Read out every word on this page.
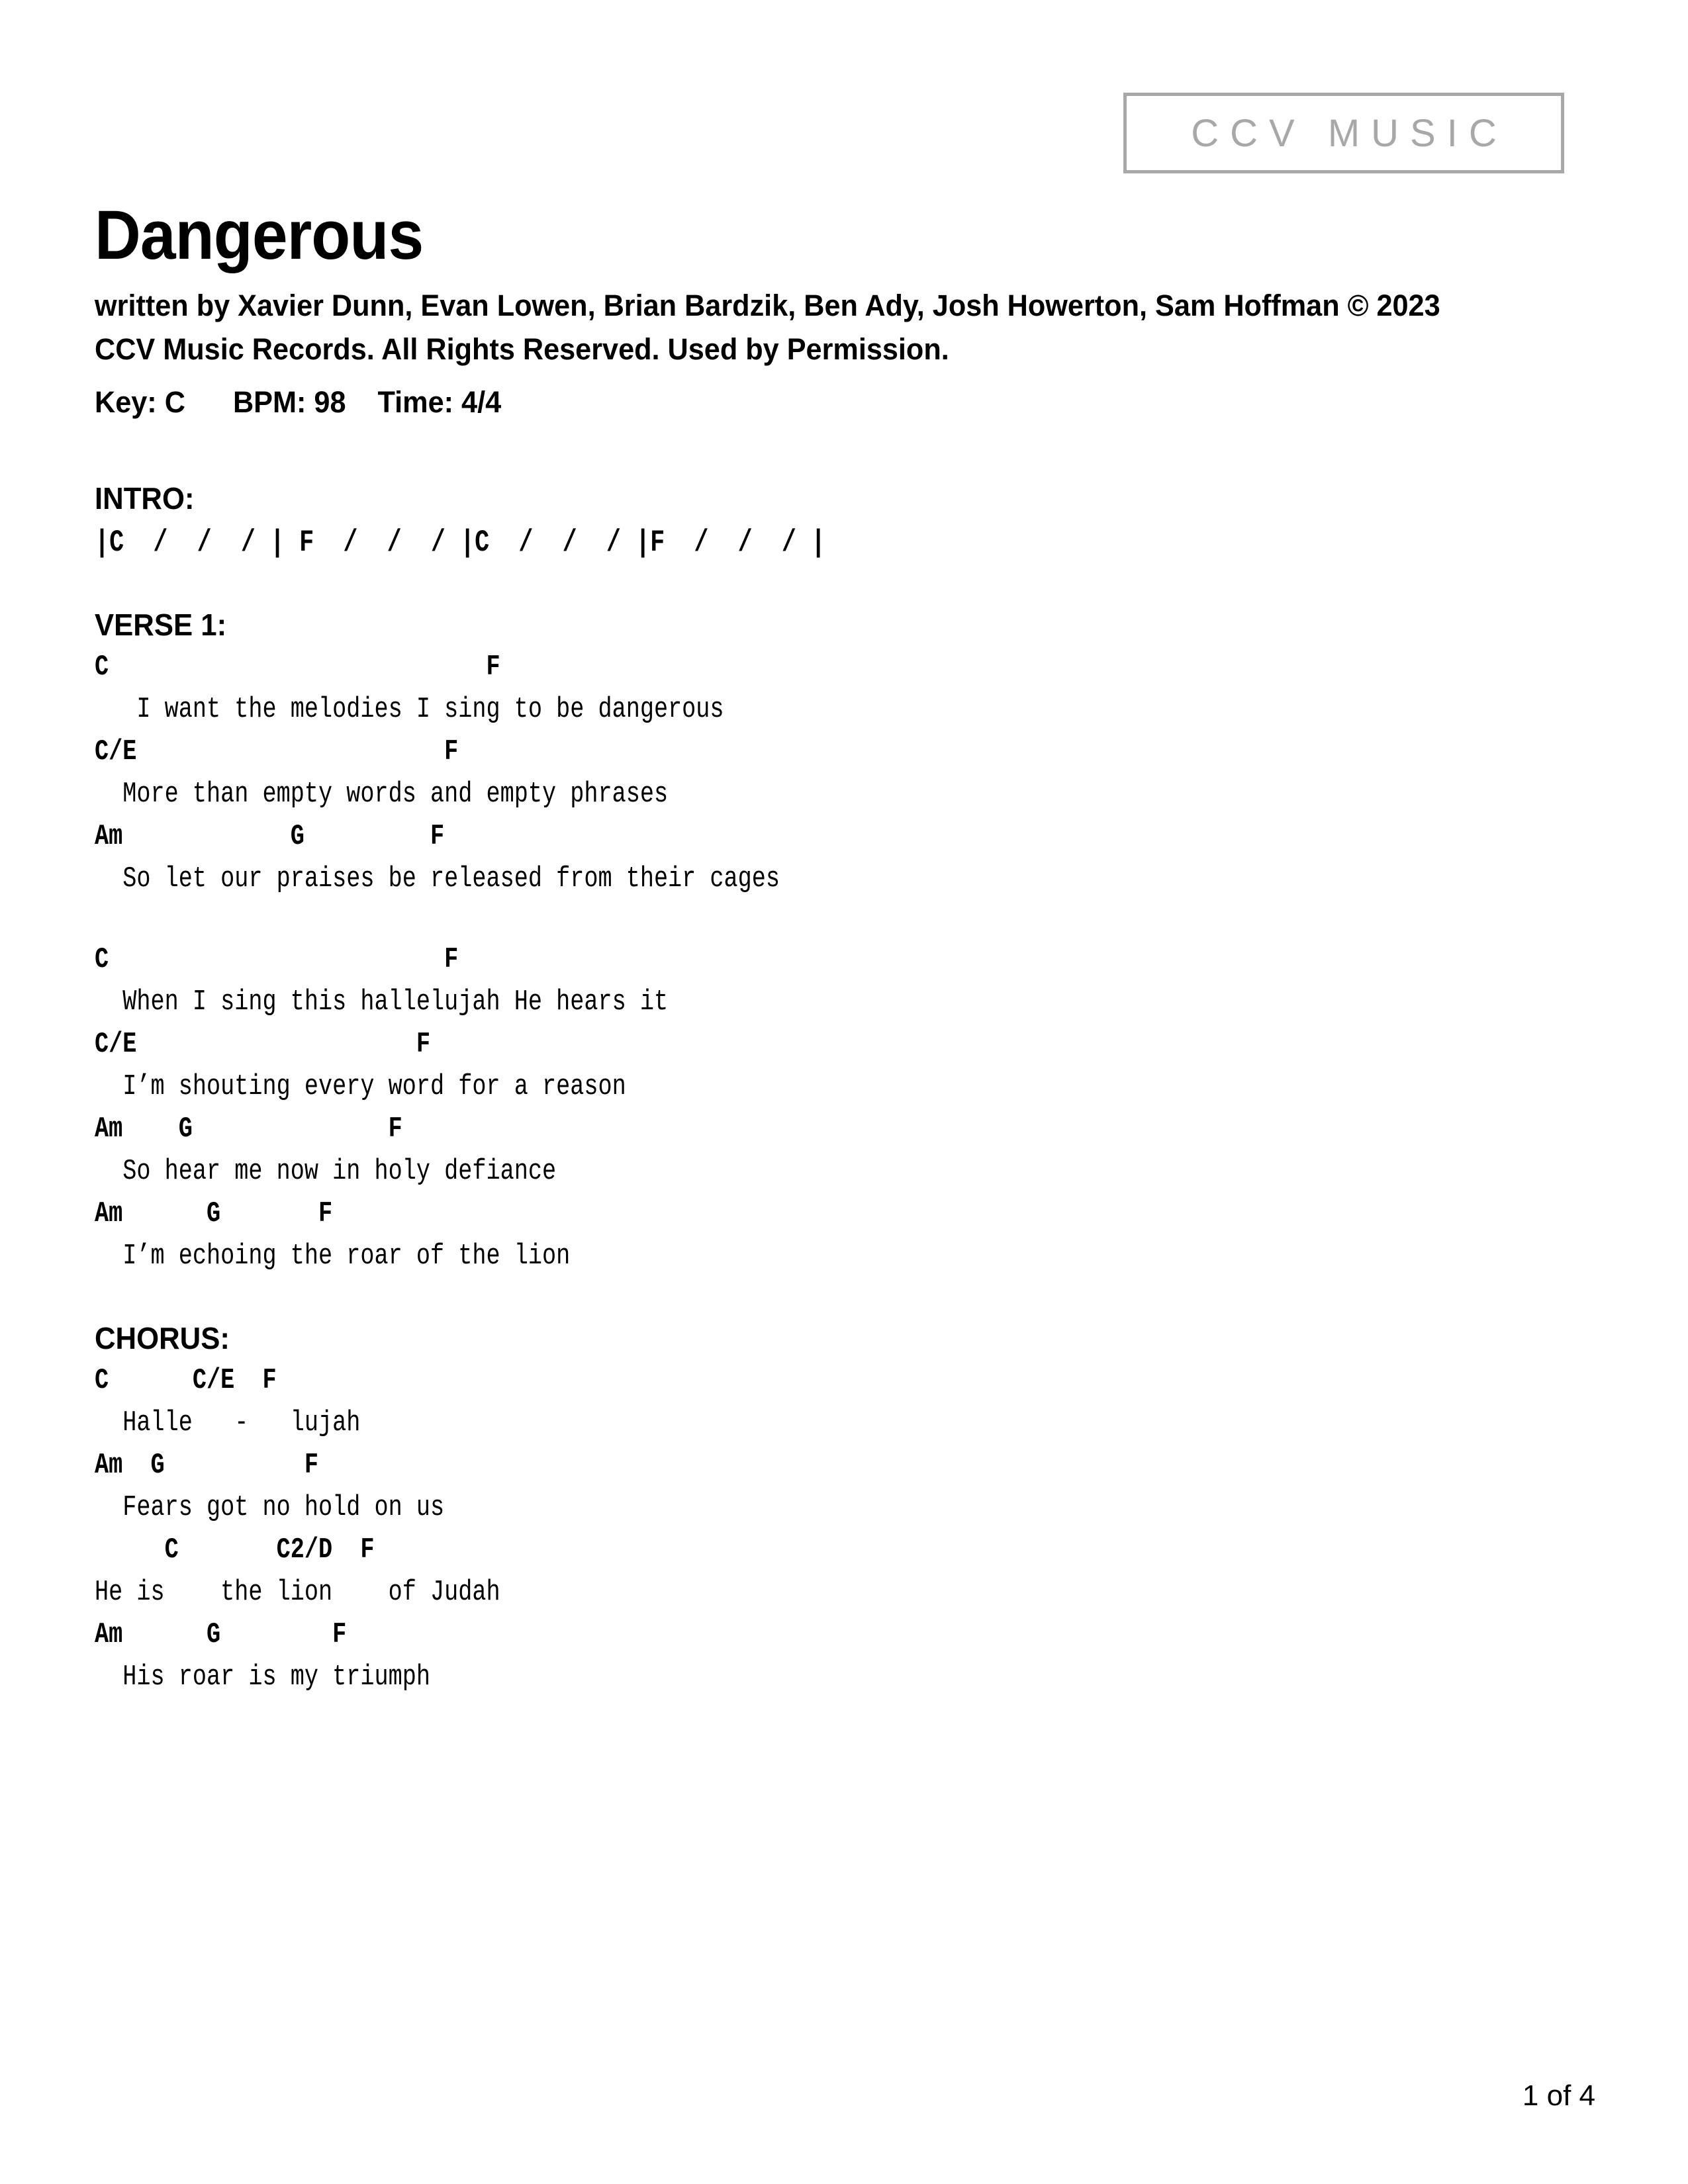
CCV MUSIC
Dangerous

written by Xavier Dunn, Evan Lowen, Brian Bardzik, Ben Ady, Josh Howerton, Sam Hoffman © 2023 CCV Music Records. All Rights Reserved. Used by Permission.

Key: C      BPM: 98    Time: 4/4
INTRO:
|C  /  /  / | F  /  /  / |C  /  /  / |F  /  /  / |
VERSE 1:
C                           F
I want the melodies I sing to be dangerous
C/E                      F
More than empty words and empty phrases
Am            G         F
So let our praises be released from their cages
C                        F
When I sing this hallelujah He hears it
C/E                    F
I’m shouting every word for a reason
Am    G              F
So hear me now in holy defiance
Am      G       F
I’m echoing the roar of the lion
CHORUS:
C      C/E  F
Halle   -   lujah
Am  G          F
Fears got no hold on us
C       C2/D  F
He is    the lion    of Judah
Am      G        F
His roar is my triumph
1 of 4
